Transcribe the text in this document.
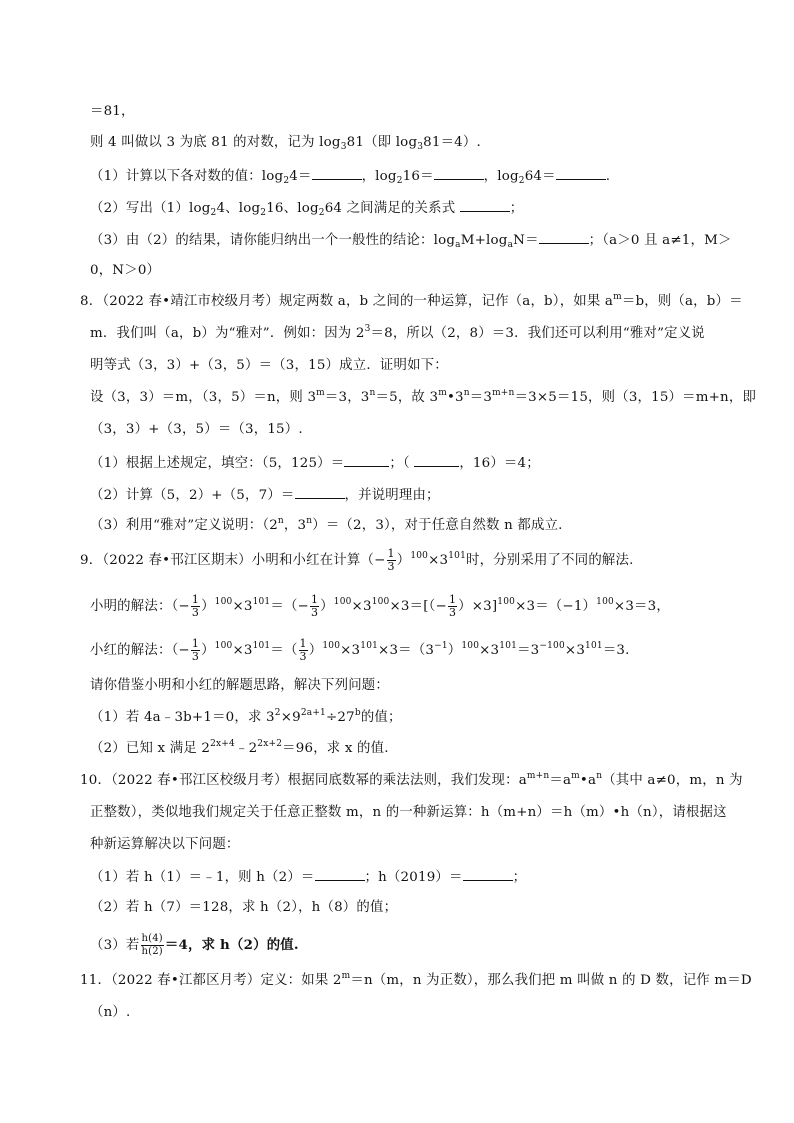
＝81，
则 4 叫做以 3 为底 81 的对数，记为 $\log_381$（即 $\log_381=4$）.
（1）计算以下各对数的值：$\log_24=$	，$\log_216=$	，$\log_264=$	.
（2）写出$(1)\log_24$、$\log_216$、$\log_264$ 之间满足的关系式	；
（3）由（2）的结果，请你能归纳出一个一般性的结论：$\log_aM+\log_aN=$	；（a＞0 且 a≠1，M＞
0，N＞0）
8．（2022 春•靖江市校级月考）规定两数 a，b 之间的一种运算，记作（a，b），如果 $a^m=b$，则（a，b）＝
m．我们叫（a，b）为“雅对”．例如：因为 $2^3=8$，所以（2，8）＝3．我们还可以利用“雅对”定义说
明等式（3，3）+（3，5）＝（3，15）成立．证明如下：
设（3，3）＝m，（3，5）＝n，则 $3^m=3$，$3^n=5$，故 $3^m•3^n=3^{m+n}=3\times 5=15$，则（3，15）＝m+n，即
（3，3）+（3，5）＝（3，15）.
（1）根据上述规定，填空：（5，125）＝	；（	，16）＝4；
（2）计算（5，2）+（5，7）＝	，并说明理由；
（3）利用“雅对”定义说明：（2$^n$，$3^n)=(2$，3），对于任意自然数 n 都成立.
9．（2022 春•邗江区期末）小明和小红在计算（− $\frac{1}{3} )^{100}\times 3^{101}$时，分别采用了不同的解法.
小明的解法：（− $\frac{1}{3} )^{100}\times 3^{101}=(- \frac{1}{3} )^{100}\times 3^{100}\times 3=[(- \frac{1}{3} )\times 3]^{100}\times 3=(-1)^{100}\times 3=3$，
小红的解法：（− $\frac{1}{3} )^{100}\times 3^{101}=( \frac{1}{3} )^{100}\times 3^{101}\times 3=(3^{-1})^{100}\times 3^{101}=3^{-100}\times 3^{101}=3$.
请你借鉴小明和小红的解题思路，解决下列问题：
（1）若 4a﹣3b+1＝0，求 $3^2\times 9^{2a+1}\div 27^b$的值；
（2）已知 x 满足 $2^{2x+4}﹣2^{2x+2}=96$，求 x 的值.
10．（2022 春•邗江区校级月考）根据同底数幂的乘法法则，我们发现：$a^{m+n}=a^m•a^n$（其中 a≠0，m，n 为
正整数），类似地我们规定关于任意正整数 m，n 的一种新运算：h（m+n）＝h（m）•h（n），请根据这
种新运算解决以下问题：
（1）若 h（1）＝﹣1，则 h（2）＝	；h（2019）＝	；
（2）若 h（7）＝128，求 h（2），h（8）的值；
（3）若 $\frac{h(4)}{h(2)} =4$，求 h（2）的值.
11．（2022 春•江都区月考）定义：如果 $2^m=n(m$，n 为正数），那么我们把 m 叫做 n 的 D 数，记作 m＝D
（n）.
